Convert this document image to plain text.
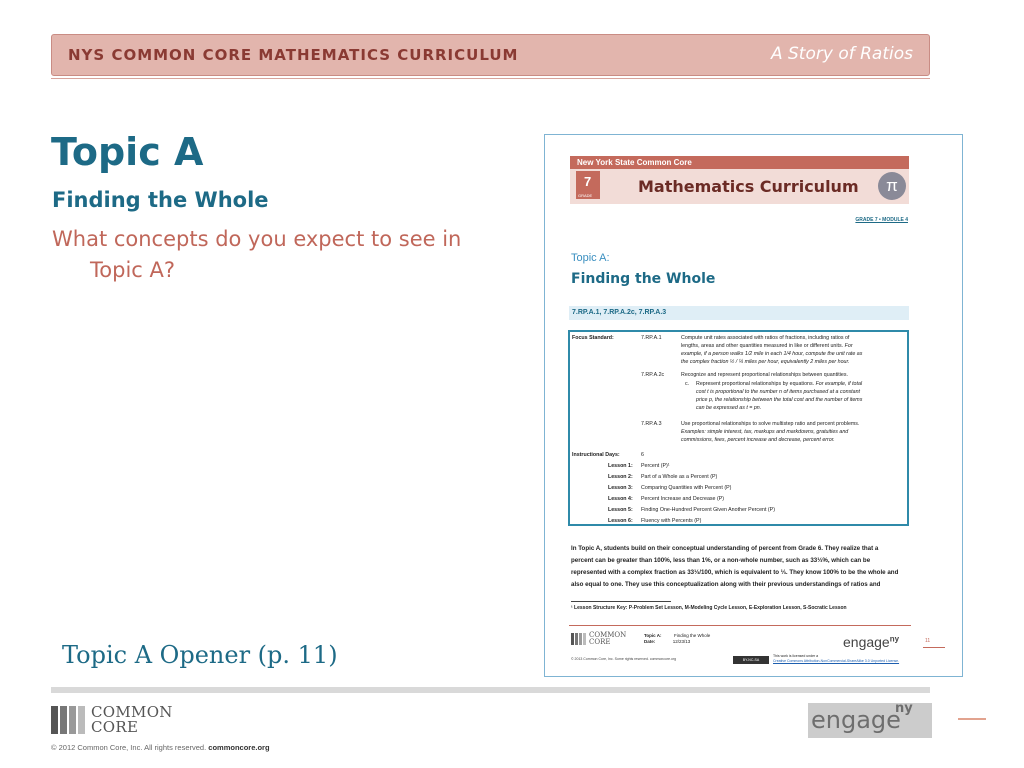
NYS COMMON CORE MATHEMATICS CURRICULUM	A Story of Ratios
Topic A
Finding the Whole
What concepts do you expect to see in
Topic A?
Topic A Opener (p. 11)
New York State Common Core
7
GRADE	Mathematics Curriculum	π
GRADE 7 • MODULE 4
Topic A:
Finding the Whole
7.RP.A.1, 7.RP.A.2c, 7.RP.A.3
Focus Standard:	7.RP.A.1	Compute unit rates associated with ratios of fractions, including ratios of
lengths, areas and other quantities measured in like or different units. For
example, if a person walks 1/2 mile in each 1/4 hour, compute the unit rate as
the complex fraction ½ / ¼ miles per hour, equivalently 2 miles per hour.
7.RP.A.2c	Recognize and represent proportional relationships between quantities.
c. Represent proportional relationships by equations. For example, if total
cost t is proportional to the number n of items purchased at a constant
price p, the relationship between the total cost and the number of items
can be expressed as t = pn.
7.RP.A.3	Use proportional relationships to solve multistep ratio and percent problems.
Examples: simple interest, tax, markups and markdowns, gratuities and
commissions, fees, percent increase and decrease, percent error.
Instructional Days:	6
Lesson 1: Percent (P)¹
Lesson 2: Part of a Whole as a Percent (P)
Lesson 3: Comparing Quantities with Percent (P)
Lesson 4: Percent Increase and Decrease (P)
Lesson 5: Finding One-Hundred Percent Given Another Percent (P)
Lesson 6: Fluency with Percents (P)
In Topic A, students build on their conceptual understanding of percent from Grade 6. They realize that a
percent can be greater than 100%, less than 1%, or a non-whole number, such as 33⅓%, which can be
represented with a complex fraction as 33⅓/100, which is equivalent to ⅓. They know 100% to be the whole and
also equal to one. They use this conceptualization along with their previous understandings of ratios and
¹ Lesson Structure Key: P-Problem Set Lesson, M-Modeling Cycle Lesson, E-Exploration Lesson, S-Socratic Lesson
COMMON
CORE
Topic A:	Finding the Whole
Date:	12/23/13	engage$^{ny}$	11
© 2013 Common Core, Inc. Some rights reserved. commoncore.org	BY-NC-SA
This work is licensed under a
Creative Commons Attribution-NonCommercial-ShareAlike 3.0 Unported License.
COMMON
CORE
© 2012 Common Core, Inc. All rights reserved. commoncore.org
engage
ny
